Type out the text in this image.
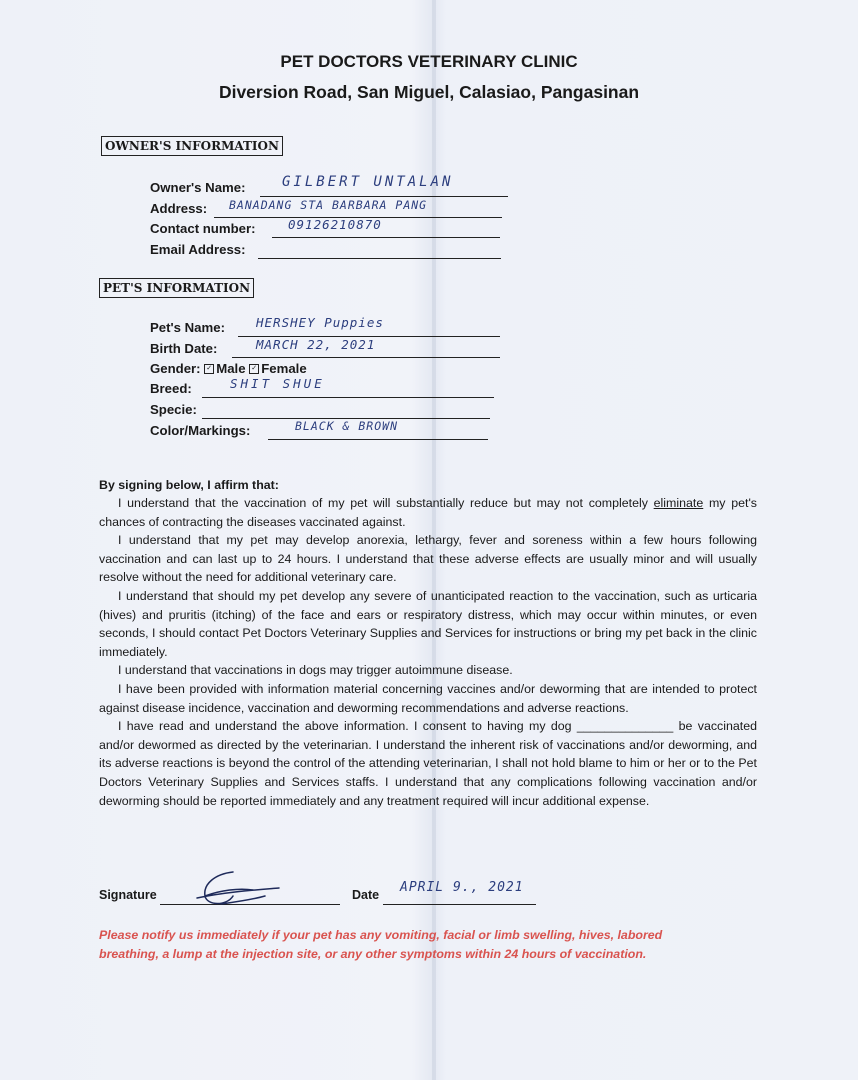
PET DOCTORS VETERINARY CLINIC
Diversion Road, San Miguel, Calasiao, Pangasinan
OWNER'S INFORMATION
Owner's Name:	GILBERT UNTALAN
Address: BANADANG STA BARBARA PANG
Contact number:	09126210870
Email Address:
PET'S INFORMATION
Pet's Name: HERSHEY Puppies
Birth Date:	MARCH 22, 2021
Gender: ✓ Male ✓ Female
Breed:	SHIT SHUE
Specie:
Color/Markings:	BLACK & BROWN
By signing below, I affirm that:

I understand that the vaccination of my pet will substantially reduce but may not completely eliminate my pet's chances of contracting the diseases vaccinated against.

I understand that my pet may develop anorexia, lethargy, fever and soreness within a few hours following vaccination and can last up to 24 hours. I understand that these adverse effects are usually minor and will usually resolve without the need for additional veterinary care.

I understand that should my pet develop any severe of unanticipated reaction to the vaccination, such as urticaria (hives) and pruritis (itching) of the face and ears or respiratory distress, which may occur within minutes, or even seconds, I should contact Pet Doctors Veterinary Supplies and Services for instructions or bring my pet back in the clinic immediately.

I understand that vaccinations in dogs may trigger autoimmune disease.

I have been provided with information material concerning vaccines and/or deworming that are intended to protect against disease incidence, vaccination and deworming recommendations and adverse reactions.

I have read and understand the above information. I consent to having my dog ______________ be vaccinated and/or dewormed as directed by the veterinarian. I understand the inherent risk of vaccinations and/or deworming, and its adverse reactions is beyond the control of the attending veterinarian, I shall not hold blame to him or her or to the Pet Doctors Veterinary Supplies and Services staffs. I understand that any complications following vaccination and/or deworming should be reported immediately and any treatment required will incur additional expense.

Signature	Date APRIL 9., 2021
Please notify us immediately if your pet has any vomiting, facial or limb swelling, hives, labored breathing, a lump at the injection site, or any other symptoms within 24 hours of vaccination.
